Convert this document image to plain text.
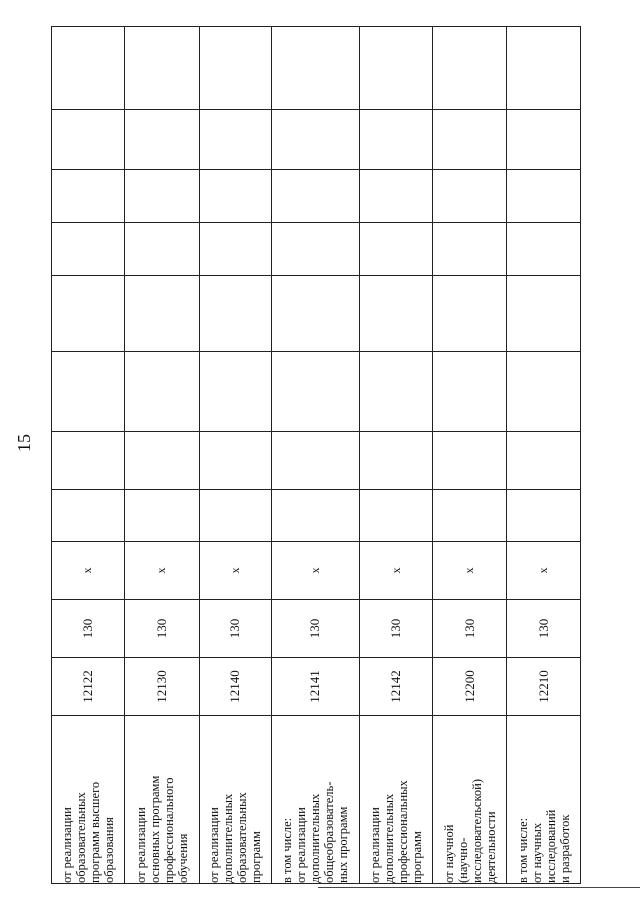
15
от реализации образовательных программ высшего образования	12122	130	x								

от реализации основных программ профессионального обучения	12130	130	x								

от реализации дополнительных образовательных программ	12140	130	x								

в том числе: от реализации дополнительных общеобразователь- ных программ	12141	130	x								

от реализации дополнительных профессиональных программ	12142	130	x								

от научной (научно- исследовательской) деятельности	12200	130	x								

в том числе: от научных исследований и разработок	12210	130	x								
